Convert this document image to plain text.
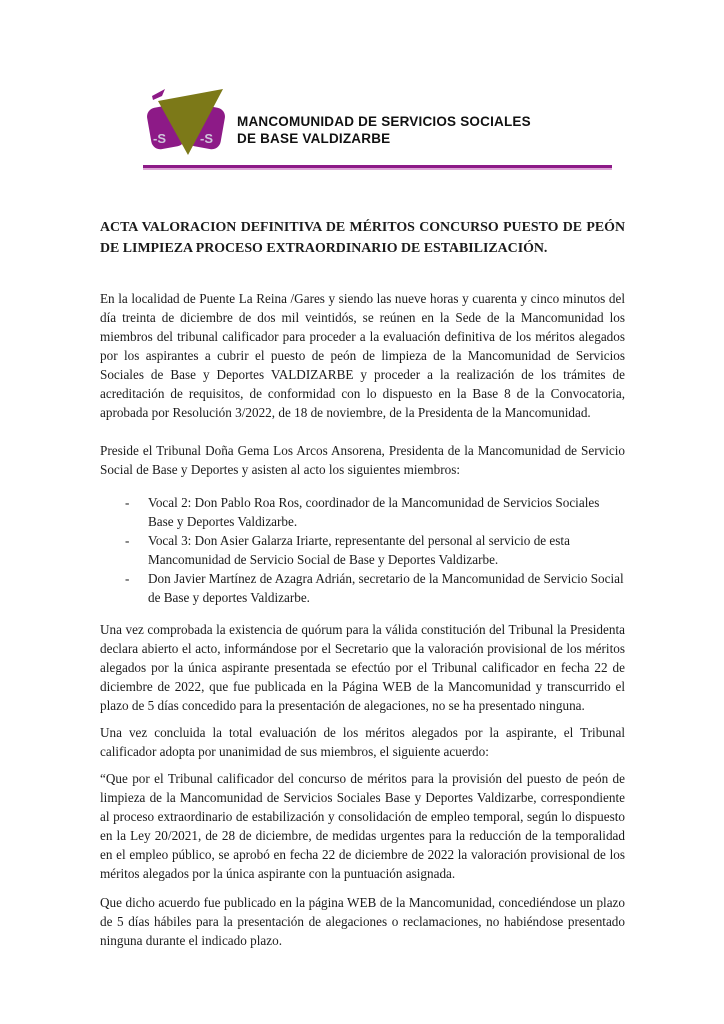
-S	-S
MANCOMUNIDAD DE SERVICIOS SOCIALES
DE BASE VALDIZARBE
ACTA VALORACION DEFINITIVA DE MÉRITOS CONCURSO PUESTO DE PEÓN DE LIMPIEZA PROCESO EXTRAORDINARIO DE ESTABILIZACIÓN.

En la localidad de Puente La Reina /Gares y siendo las nueve horas y cuarenta y cinco minutos del día treinta de diciembre de dos mil veintidós, se reúnen en la Sede de la Mancomunidad los miembros del tribunal calificador para proceder a la evaluación definitiva de los méritos alegados por los aspirantes a cubrir el puesto de peón de limpieza de la Mancomunidad de Servicios Sociales de Base y Deportes VALDIZARBE y proceder a la realización de los trámites de acreditación de requisitos, de conformidad con lo dispuesto en la Base 8 de la Convocatoria, aprobada por Resolución 3/2022, de 18 de noviembre, de la Presidenta de la Mancomunidad.

Preside el Tribunal Doña Gema Los Arcos Ansorena, Presidenta de la Mancomunidad de Servicio Social de Base y Deportes y asisten al acto los siguientes miembros:

- Vocal 2: Don Pablo Roa Ros, coordinador de la Mancomunidad de Servicios Sociales Base y Deportes Valdizarbe.
- Vocal 3: Don Asier Galarza Iriarte, representante del personal al servicio de esta Mancomunidad de Servicio Social de Base y Deportes Valdizarbe.
- Don Javier Martínez de Azagra Adrián, secretario de la Mancomunidad de Servicio Social de Base y deportes Valdizarbe.

Una vez comprobada la existencia de quórum para la válida constitución del Tribunal la Presidenta declara abierto el acto, informándose por el Secretario que la valoración provisional de los méritos alegados por la única aspirante presentada se efectúo por el Tribunal calificador en fecha 22 de diciembre de 2022, que fue publicada en la Página WEB de la Mancomunidad y transcurrido el plazo de 5 días concedido para la presentación de alegaciones, no se ha presentado ninguna.

Una vez concluida la total evaluación de los méritos alegados por la aspirante, el Tribunal calificador adopta por unanimidad de sus miembros, el siguiente acuerdo:

“Que por el Tribunal calificador del concurso de méritos para la provisión del puesto de peón de limpieza de la Mancomunidad de Servicios Sociales Base y Deportes Valdizarbe, correspondiente al proceso extraordinario de estabilización y consolidación de empleo temporal, según lo dispuesto en la Ley 20/2021, de 28 de diciembre, de medidas urgentes para la reducción de la temporalidad en el empleo público, se aprobó en fecha 22 de diciembre de 2022 la valoración provisional de los méritos alegados por la única aspirante con la puntuación asignada.

Que dicho acuerdo fue publicado en la página WEB de la Mancomunidad, concediéndose un plazo de 5 días hábiles para la presentación de alegaciones o reclamaciones, no habiéndose presentado ninguna durante el indicado plazo.
